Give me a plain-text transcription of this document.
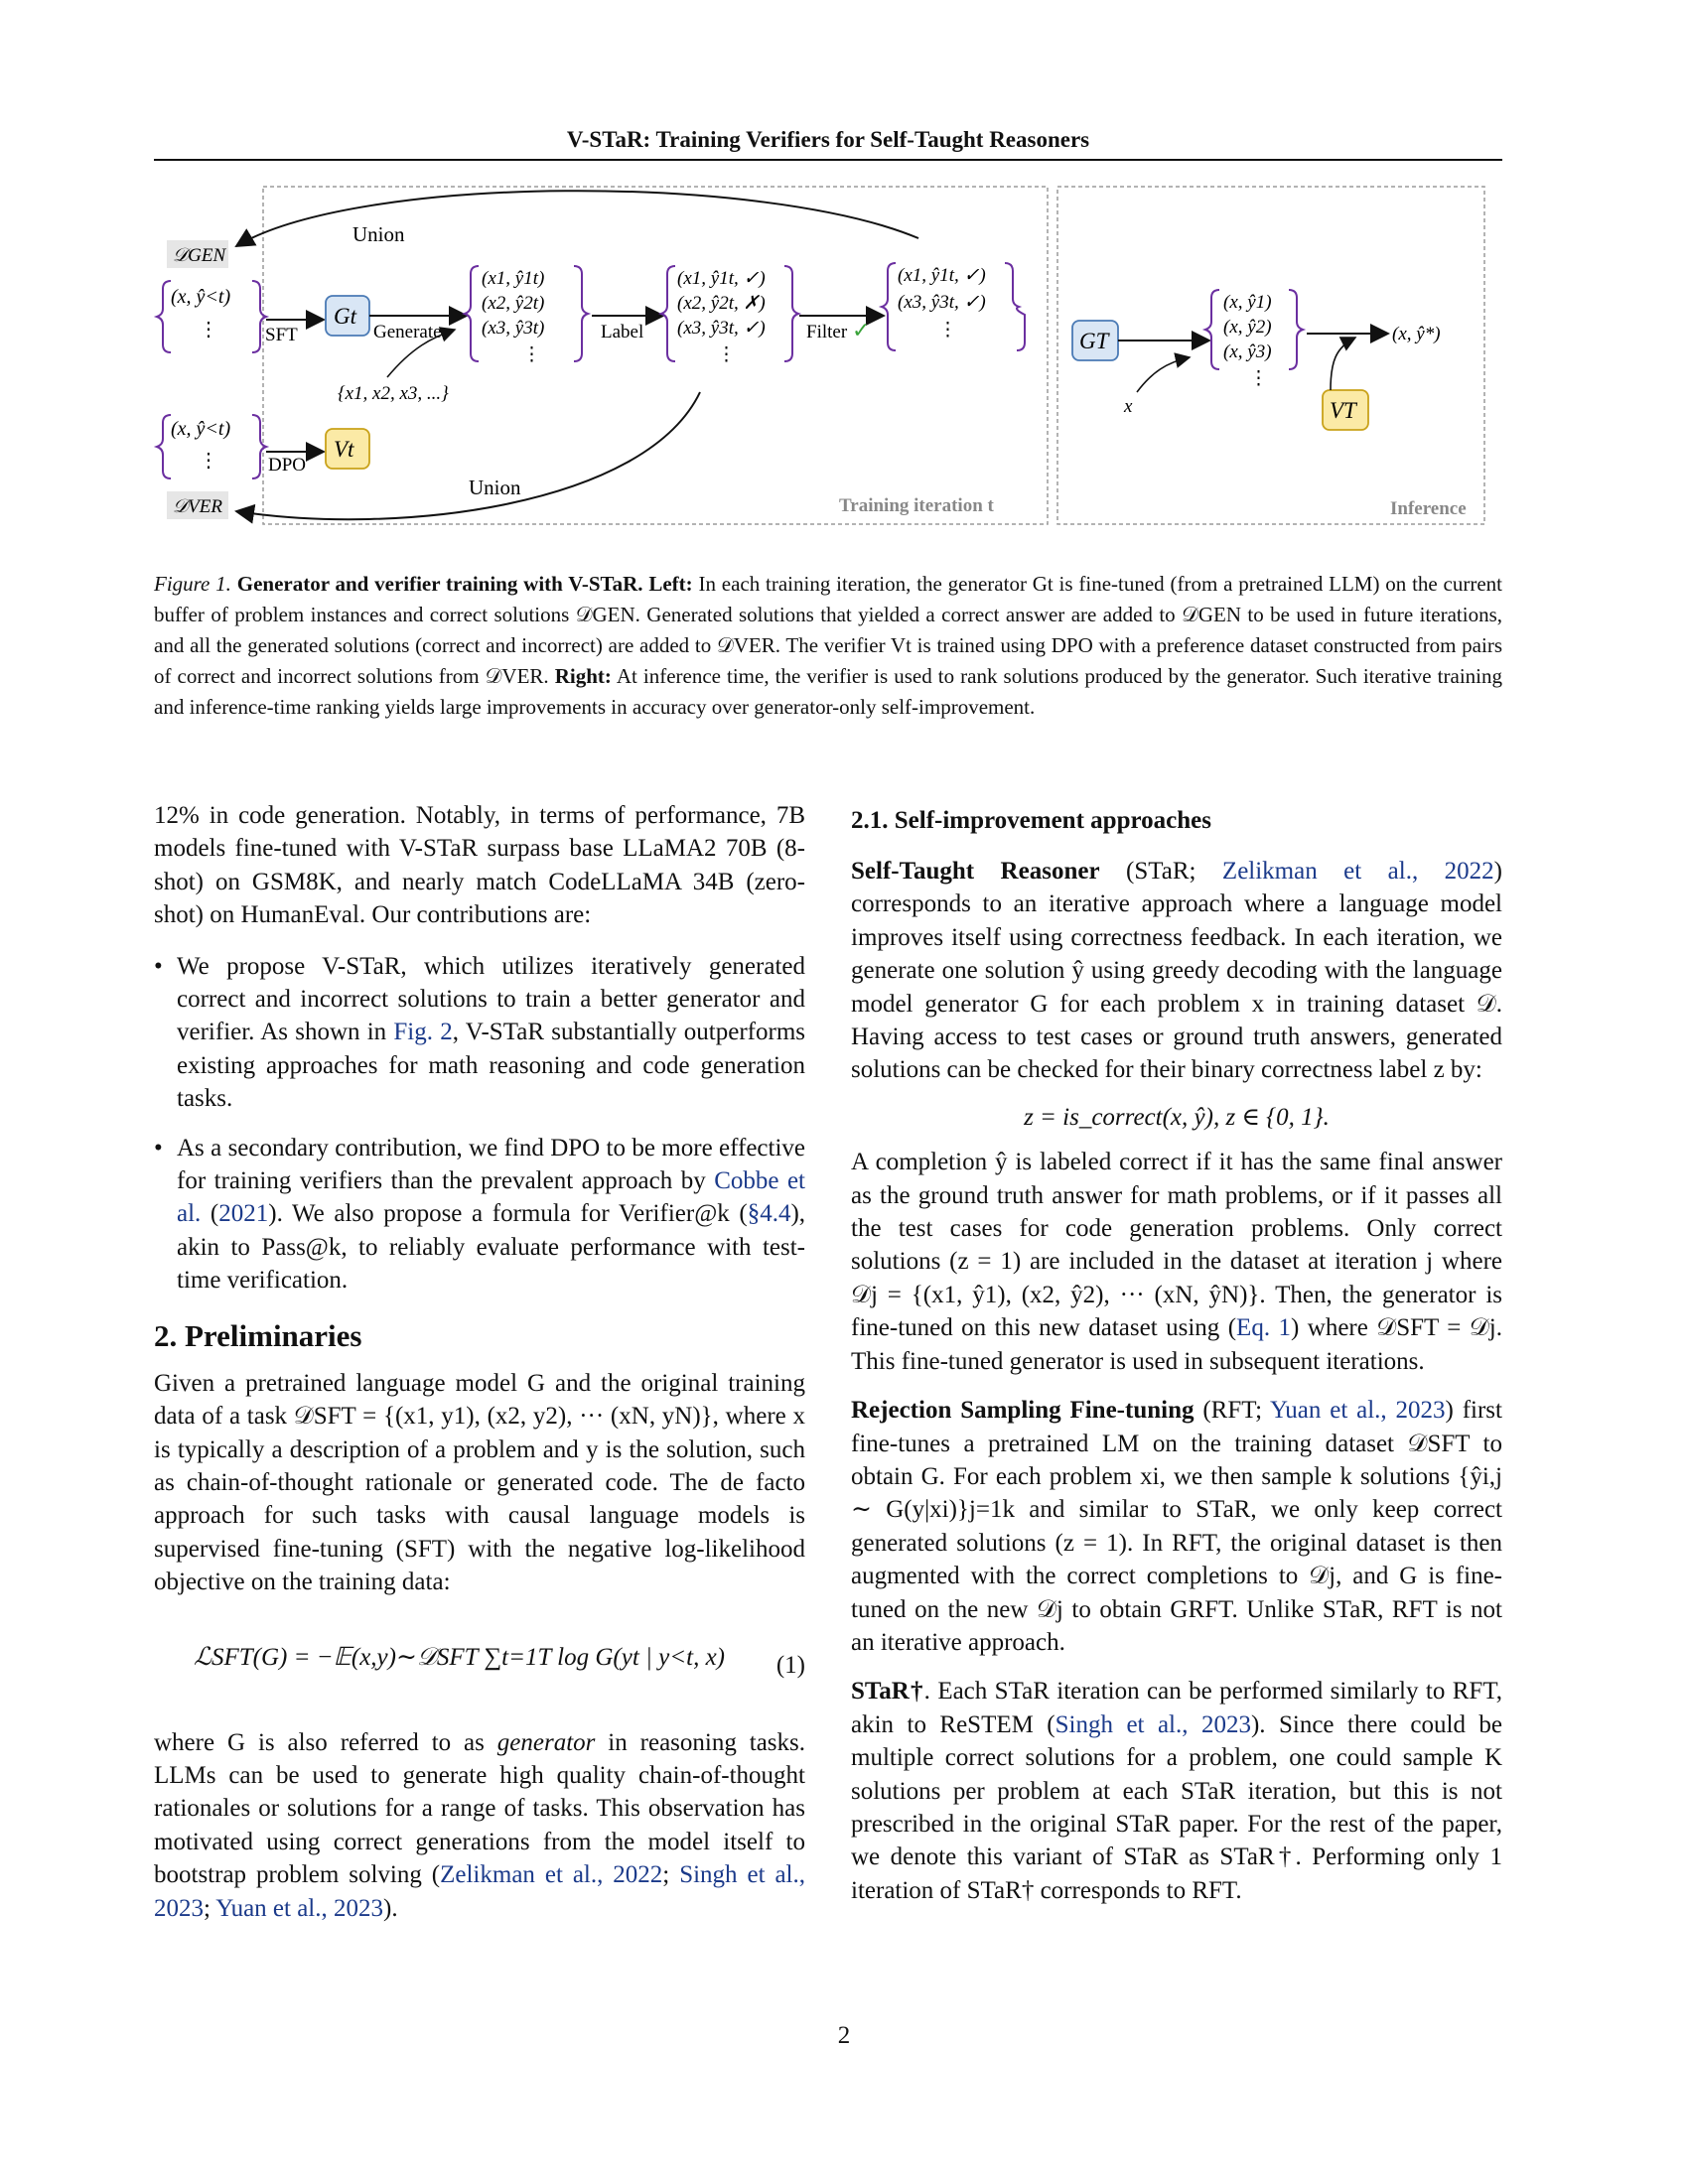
V-STaR: Training Verifiers for Self-Taught Reasoners
𝒟GEN
𝒟VER
Union
Union
(x, ŷ<t)
⋮ SFT
Gt
Generate
{x1, x2, x3, ...}
(x1, ŷ1t)
(x2, ŷ2t)
(x3, ŷ3t)
⋮
Label
(x1, ŷ1t, ✓)
(x2, ŷ2t, ✗)
(x3, ŷ3t, ✓)
⋮
Filter ✓
(x1, ŷ1t, ✓)
(x3, ŷ3t, ✓)
⋮
(x, ŷ<t)
⋮	DPO
Vt
Training iteration t
GT
x
(x, ŷ1)
(x, ŷ2)
(x, ŷ3)
⋮
(x, ŷ*)
VT
Inference
Figure 1. Generator and verifier training with V-STaR. Left: In each training iteration, the generator Gt is fine-tuned (from a pretrained LLM) on the current buffer of problem instances and correct solutions 𝒟GEN. Generated solutions that yielded a correct answer are added to 𝒟GEN to be used in future iterations, and all the generated solutions (correct and incorrect) are added to 𝒟VER. The verifier Vt is trained using DPO with a preference dataset constructed from pairs of correct and incorrect solutions from 𝒟VER. Right: At inference time, the verifier is used to rank solutions produced by the generator. Such iterative training and inference-time ranking yields large improvements in accuracy over generator-only self-improvement.

12% in code generation. Notably, in terms of performance, 7B models fine-tuned with V-STaR surpass base LLaMA2 70B (8-shot) on GSM8K, and nearly match CodeLLaMA 34B (zero-shot) on HumanEval. Our contributions are:

• We propose V-STaR, which utilizes iteratively generated correct and incorrect solutions to train a better generator and verifier. As shown in Fig. 2, V-STaR substantially outperforms existing approaches for math reasoning and code generation tasks.
• As a secondary contribution, we find DPO to be more effective for training verifiers than the prevalent approach by Cobbe et al. (2021). We also propose a formula for Verifier@k (§4.4), akin to Pass@k, to reliably evaluate performance with test-time verification.
2. Preliminaries

Given a pretrained language model G and the original training data of a task 𝒟SFT = {(x1, y1), (x2, y2), ··· (xN, yN)}, where x is typically a description of a problem and y is the solution, such as chain-of-thought rationale or generated code. The de facto approach for such tasks with causal language models is supervised fine-tuning (SFT) with the negative log-likelihood objective on the training data:

ℒSFT(G) = −𝔼(x,y)∼𝒟SFT ∑t=1T log G(yt | y<t, x) (1)

where G is also referred to as generator in reasoning tasks. LLMs can be used to generate high quality chain-of-thought rationales or solutions for a range of tasks. This observation has motivated using correct generations from the model itself to bootstrap problem solving (Zelikman et al., 2022; Singh et al., 2023; Yuan et al., 2023).

2.1. Self-improvement approaches

Self-Taught Reasoner (STaR; Zelikman et al., 2022) corresponds to an iterative approach where a language model improves itself using correctness feedback. In each iteration, we generate one solution ŷ using greedy decoding with the language model generator G for each problem x in training dataset 𝒟. Having access to test cases or ground truth answers, generated solutions can be checked for their binary correctness label z by:

z = is_correct(x, ŷ), z ∈ {0, 1}.

A completion ŷ is labeled correct if it has the same final answer as the ground truth answer for math problems, or if it passes all the test cases for code generation problems. Only correct solutions (z = 1) are included in the dataset at iteration j where 𝒟j = {(x1, ŷ1), (x2, ŷ2), ··· (xN, ŷN)}. Then, the generator is fine-tuned on this new dataset using (Eq. 1) where 𝒟SFT = 𝒟j. This fine-tuned generator is used in subsequent iterations.

Rejection Sampling Fine-tuning (RFT; Yuan et al., 2023) first fine-tunes a pretrained LM on the training dataset 𝒟SFT to obtain G. For each problem xi, we then sample k solutions {ŷi,j ∼ G(y|xi)}j=1k and similar to STaR, we only keep correct generated solutions (z = 1). In RFT, the original dataset is then augmented with the correct completions to 𝒟j, and G is fine-tuned on the new 𝒟j to obtain GRFT. Unlike STaR, RFT is not an iterative approach.

STaR†. Each STaR iteration can be performed similarly to RFT, akin to ReSTEM (Singh et al., 2023). Since there could be multiple correct solutions for a problem, one could sample K solutions per problem at each STaR iteration, but this is not prescribed in the original STaR paper. For the rest of the paper, we denote this variant of STaR as STaR†. Performing only 1 iteration of STaR† corresponds to RFT.

2
